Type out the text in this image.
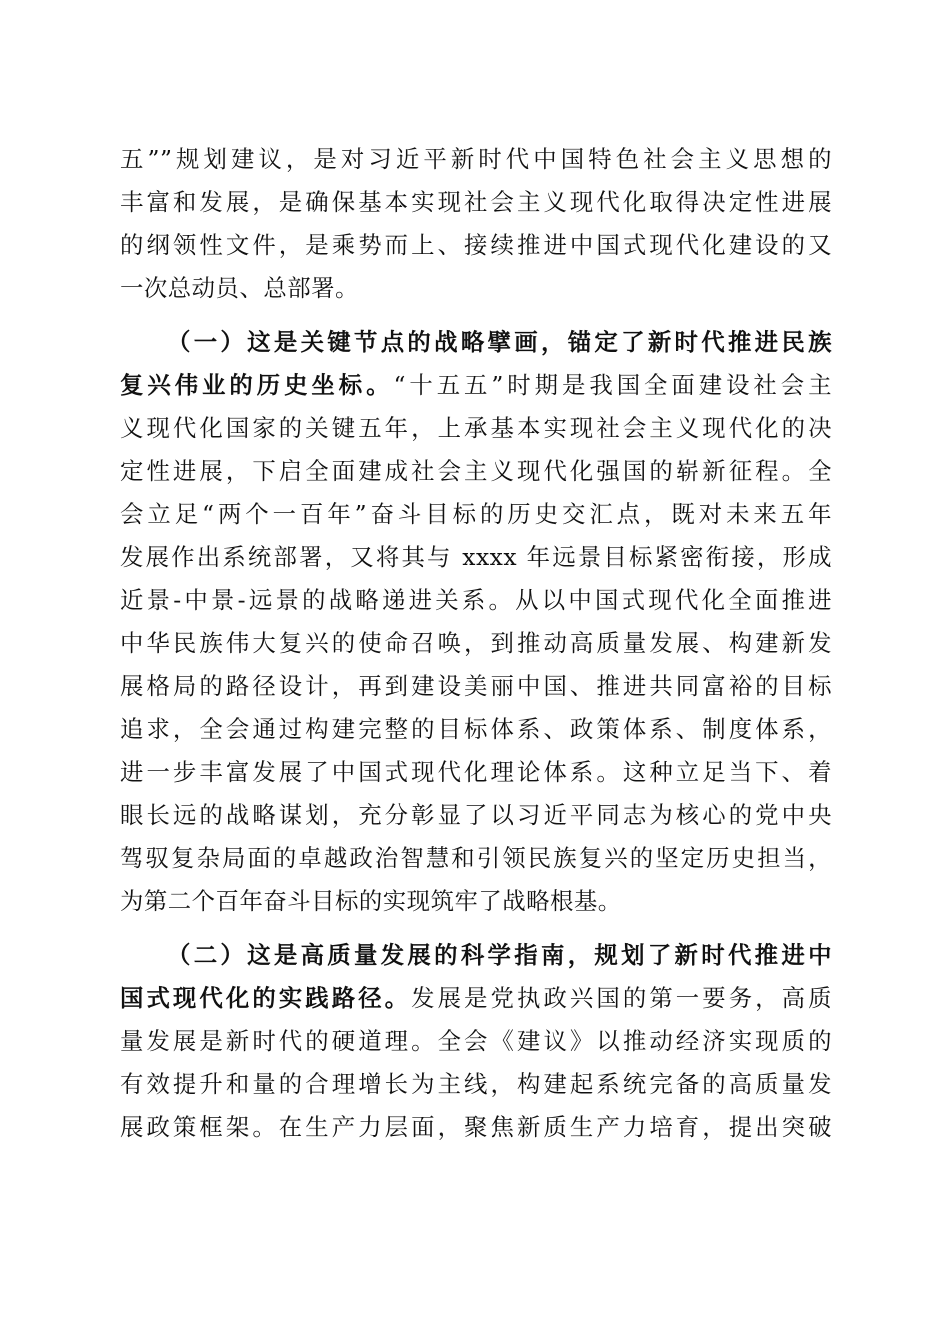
五””规划建议，是对习近平新时代中国特色社会主义思想的
丰富和发展，是确保基本实现社会主义现代化取得决定性进展
的纲领性文件，是乘势而上、接续推进中国式现代化建设的又
一次总动员、总部署。
（一）这是关键节点的战略擘画，锚定了新时代推进民族
复兴伟业的历史坐标。“十五五”时期是我国全面建设社会主
义现代化国家的关键五年，上承基本实现社会主义现代化的决
定性进展，下启全面建成社会主义现代化强国的崭新征程。全
会立足“两个一百年”奋斗目标的历史交汇点，既对未来五年
发展作出系统部署，又将其与 xxxx 年远景目标紧密衔接，形成
近景-中景-远景的战略递进关系。从以中国式现代化全面推进
中华民族伟大复兴的使命召唤，到推动高质量发展、构建新发
展格局的路径设计，再到建设美丽中国、推进共同富裕的目标
追求，全会通过构建完整的目标体系、政策体系、制度体系，
进一步丰富发展了中国式现代化理论体系。这种立足当下、着
眼长远的战略谋划，充分彰显了以习近平同志为核心的党中央
驾驭复杂局面的卓越政治智慧和引领民族复兴的坚定历史担当，
为第二个百年奋斗目标的实现筑牢了战略根基。
（二）这是高质量发展的科学指南，规划了新时代推进中
国式现代化的实践路径。发展是党执政兴国的第一要务，高质
量发展是新时代的硬道理。全会《建议》以推动经济实现质的
有效提升和量的合理增长为主线，构建起系统完备的高质量发
展政策框架。在生产力层面，聚焦新质生产力培育，提出突破
